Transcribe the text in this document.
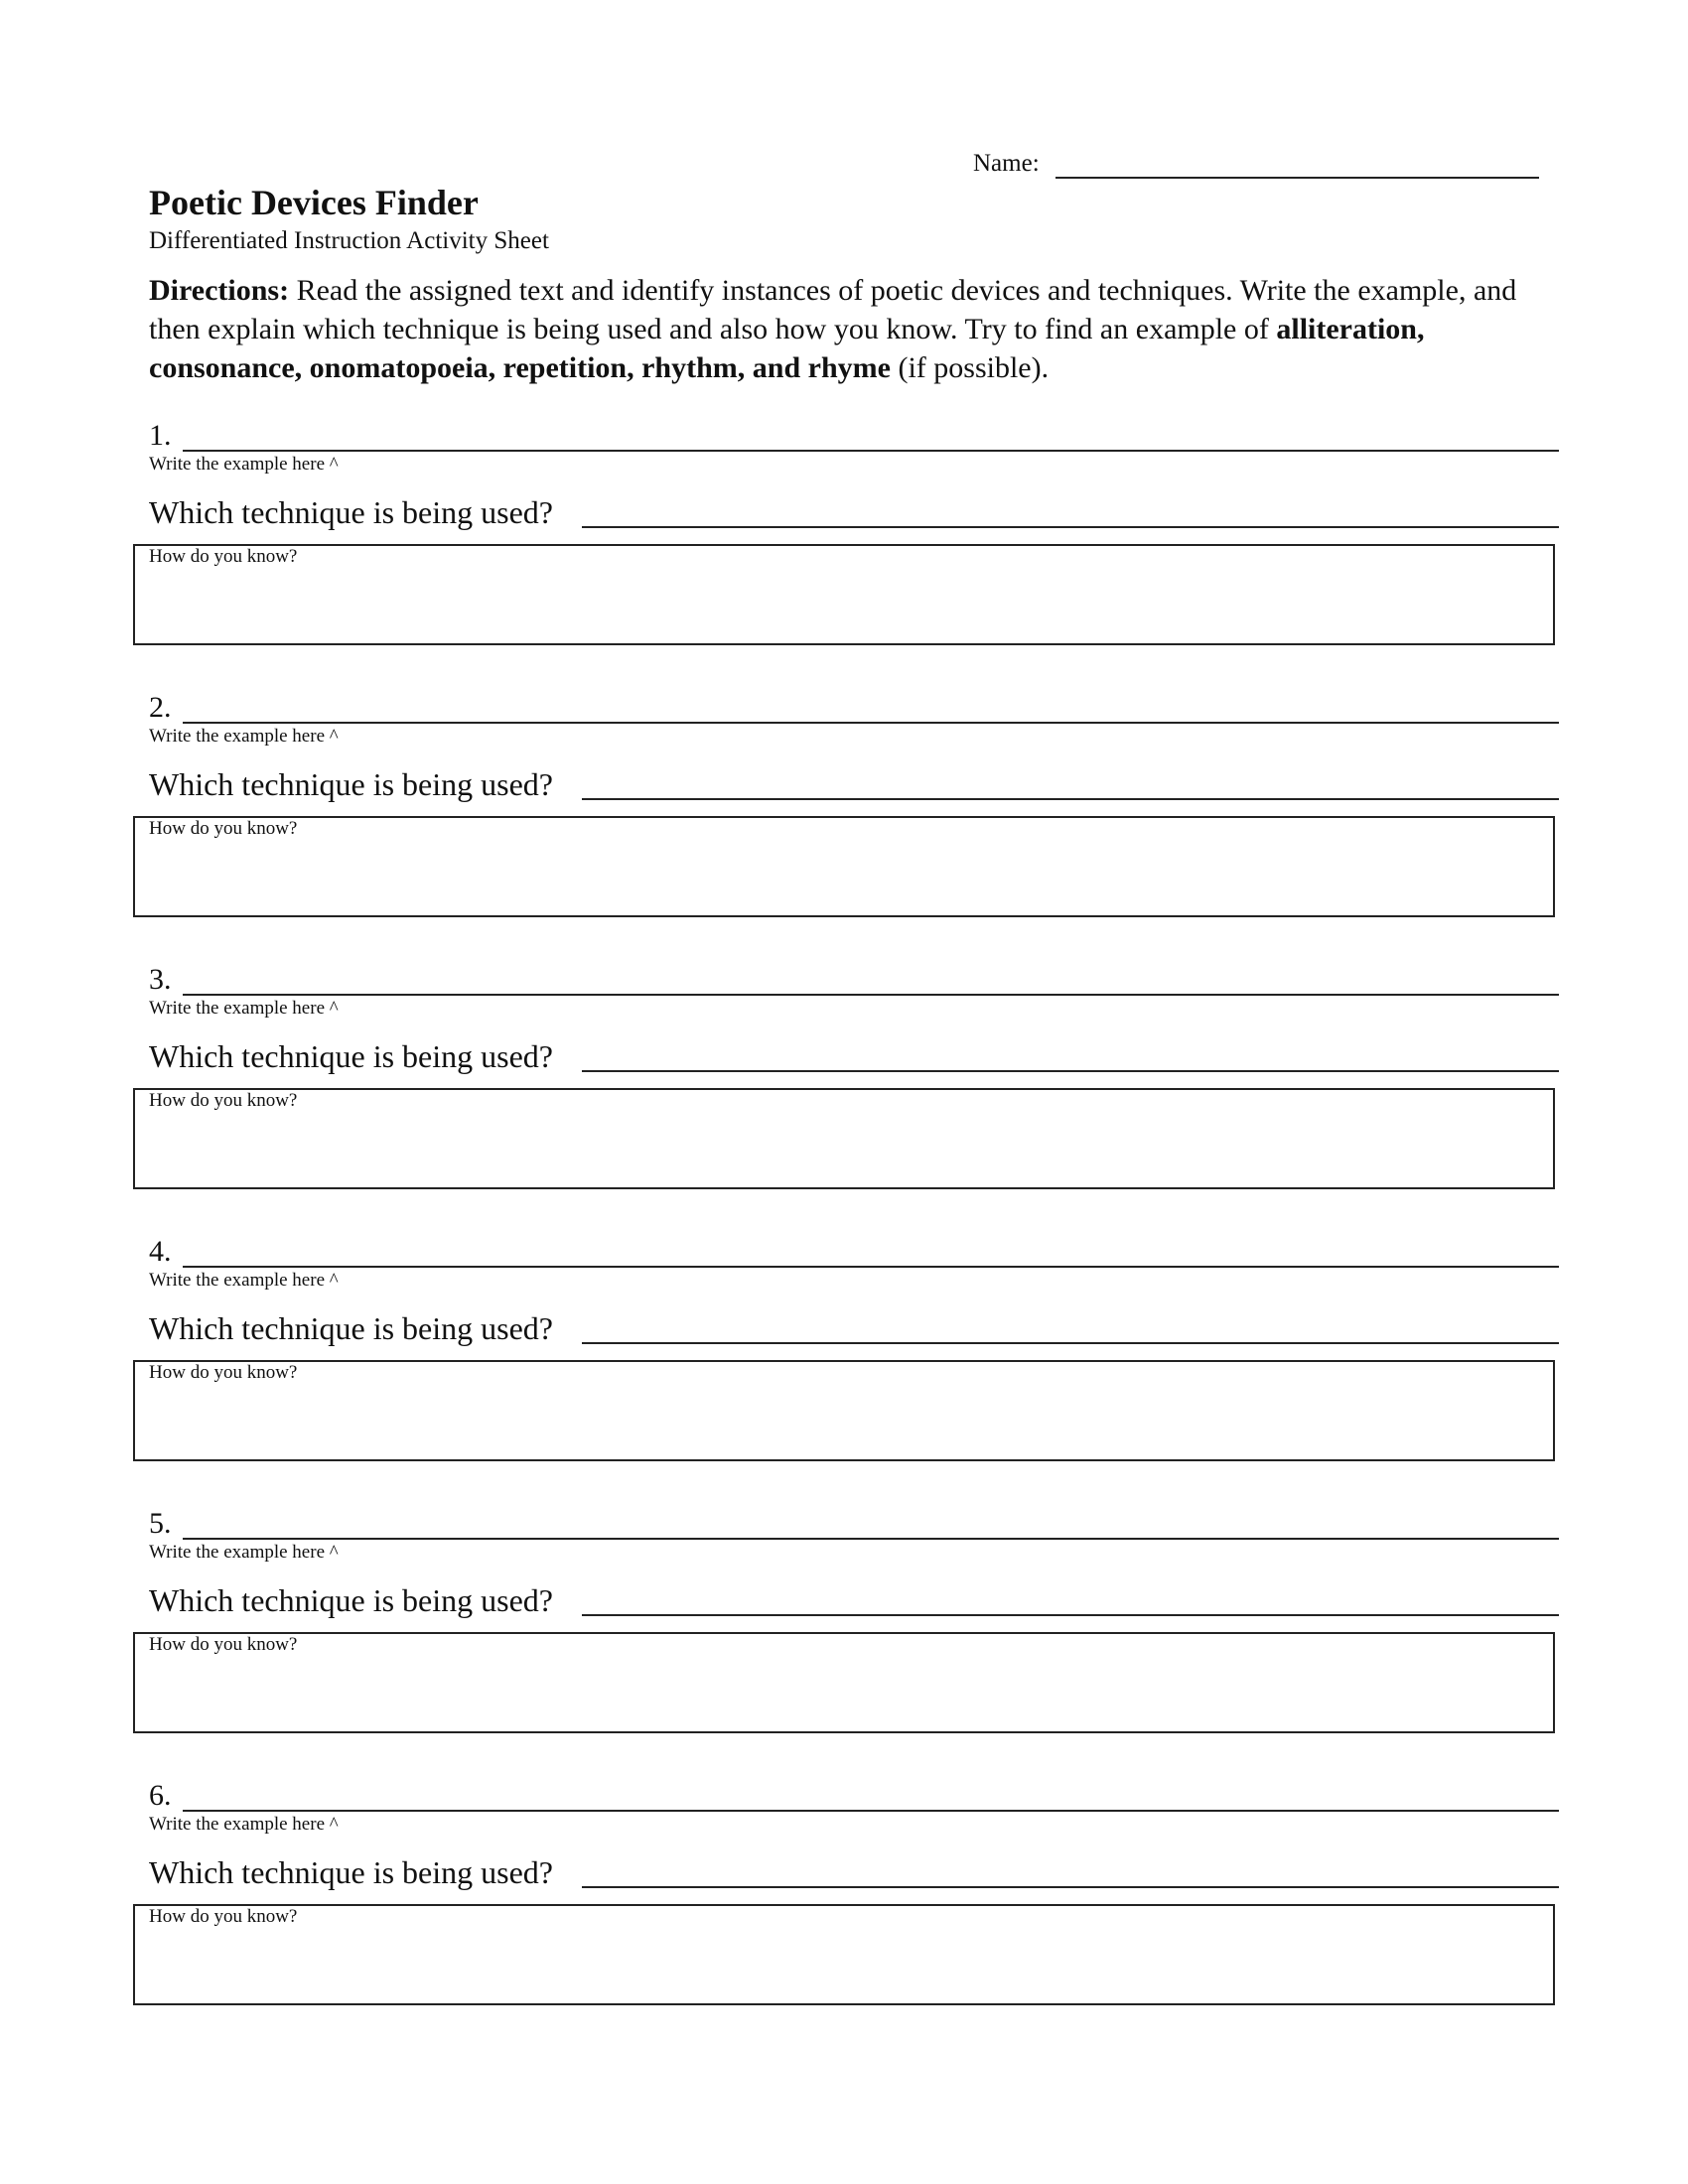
Name:
Poetic Devices Finder
Differentiated Instruction Activity Sheet

Directions: Read the assigned text and identify instances of poetic devices and techniques. Write the example, and then explain which technique is being used and also how you know. Try to find an example of alliteration, consonance, onomatopoeia, repetition, rhythm, and rhyme (if possible).

1.
Write the example here ^
Which technique is being used?
How do you know?
2.
Write the example here ^
Which technique is being used?
How do you know?
3.
Write the example here ^
Which technique is being used?
How do you know?
4.
Write the example here ^
Which technique is being used?
How do you know?
5.
Write the example here ^
Which technique is being used?
How do you know?
6.
Write the example here ^
Which technique is being used?
How do you know?
